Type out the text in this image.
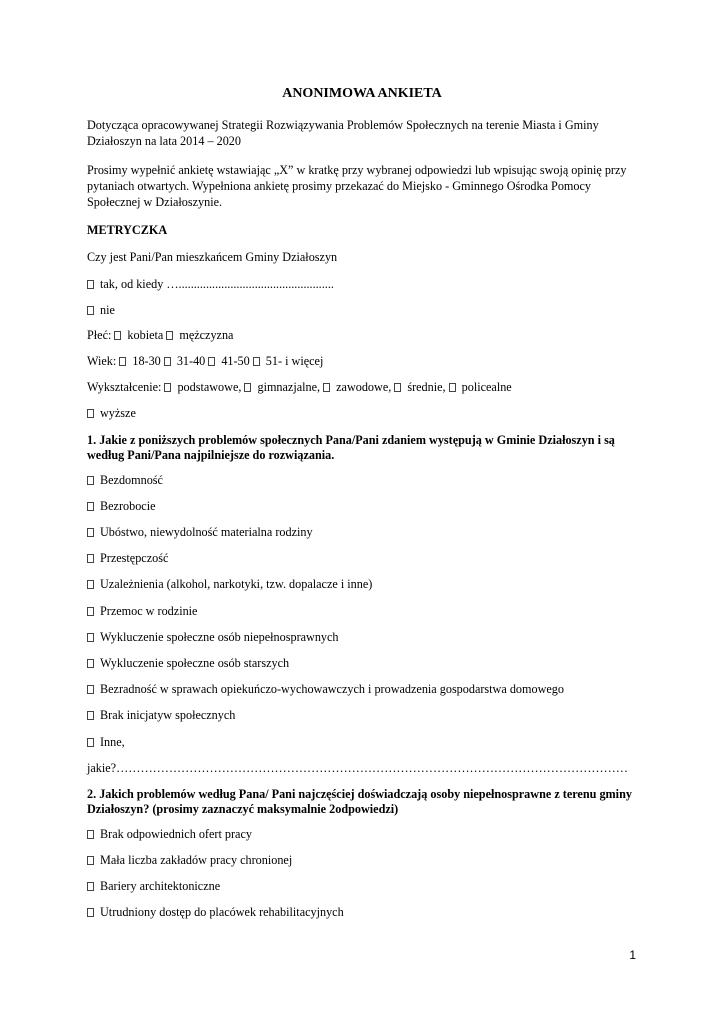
ANONIMOWA ANKIETA
Dotycząca opracowywanej Strategii Rozwiązywania Problemów Społecznych na terenie Miasta i Gminy
Działoszyn na lata 2014 – 2020
Prosimy wypełnić ankietę wstawiając „X” w kratkę przy wybranej odpowiedzi lub wpisując swoją opinię przy
pytaniach otwartych. Wypełniona ankietę prosimy przekazać do Miejsko - Gminnego Ośrodka Pomocy
Społecznej w Działoszynie.
METRYCZKA
Czy jest Pani/Pan mieszkańcem Gminy Działoszyn
tak, od kiedy …...................................................
nie
Płeć: kobieta mężczyzna
Wiek: 18-30 31-40 41-50 51- i więcej
Wykształcenie: podstawowe, gimnazjalne, zawodowe, średnie, policealne
wyższe
1. Jakie z poniższych problemów społecznych Pana/Pani zdaniem występują w Gminie Działoszyn i są
według Pani/Pana najpilniejsze do rozwiązania.
Bezdomność
Bezrobocie
Ubóstwo, niewydolność materialna rodziny
Przestępczość
Uzależnienia (alkohol, narkotyki, tzw. dopalacze i inne)
Przemoc w rodzinie
Wykluczenie społeczne osób niepełnosprawnych
Wykluczenie społeczne osób starszych
Bezradność w sprawach opiekuńczo-wychowawczych i prowadzenia gospodarstwa domowego
Brak inicjatyw społecznych
Inne,
jakie?………………………………………………………………………………………………………………
2. Jakich problemów według Pana/ Pani najczęściej doświadczają osoby niepełnosprawne z terenu gminy
Działoszyn? (prosimy zaznaczyć maksymalnie 2odpowiedzi)
Brak odpowiednich ofert pracy
Mała liczba zakładów pracy chronionej
Bariery architektoniczne
Utrudniony dostęp do placówek rehabilitacyjnych
1
